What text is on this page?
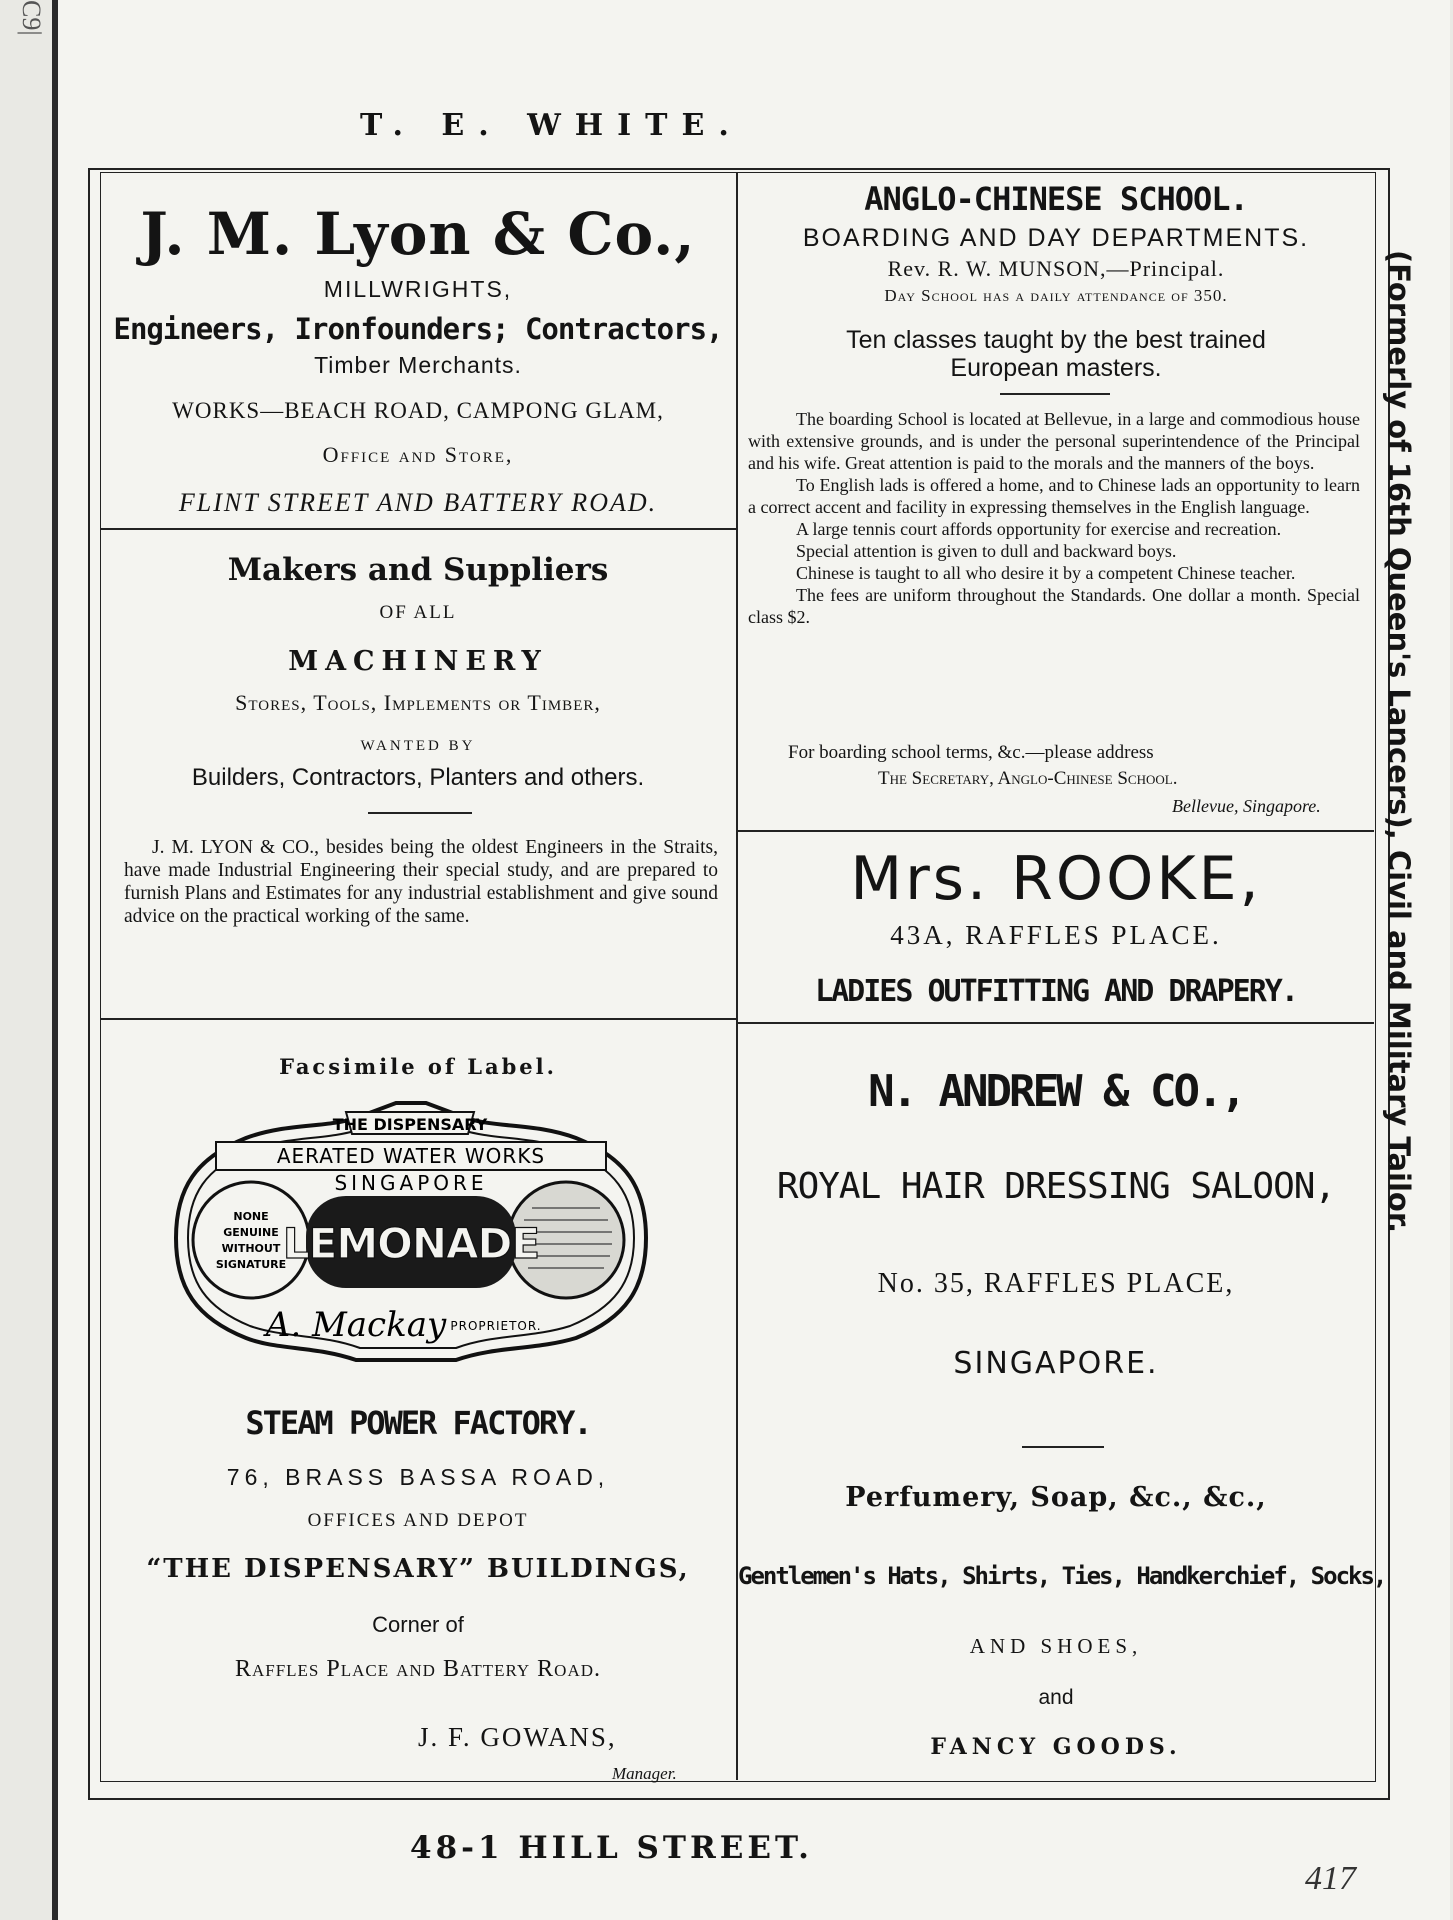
C9|
T. E. WHITE.
J. M. Lyon & Co.,
MILLWRIGHTS,
Engineers, Ironfounders; Contractors,
Timber Merchants.
WORKS—BEACH ROAD, CAMPONG GLAM,
Office and Store,
FLINT STREET AND BATTERY ROAD.
Makers and Suppliers
OF ALL
MACHINERY
Stores, Tools, Implements or Timber,
WANTED BY
Builders, Contractors, Planters and others.

J. M. LYON & CO., besides being the oldest Engineers in the Straits, have made Industrial Engineering their special study, and are prepared to furnish Plans and Estimates for any industrial establishment and give sound advice on the practical working of the same.

ANGLO-CHINESE SCHOOL.
BOARDING AND DAY DEPARTMENTS.
Rev. R. W. MUNSON,—Principal.
Day School has a daily attendance of 350.
Ten classes taught by the best trained
European masters.

The boarding School is located at Bellevue, in a large and commodious house with extensive grounds, and is under the personal superintendence of the Principal and his wife. Great attention is paid to the morals and the manners of the boys.

To English lads is offered a home, and to Chinese lads an opportunity to learn a correct accent and facility in expressing themselves in the English language.

A large tennis court affords opportunity for exercise and recreation.

Special attention is given to dull and backward boys.

Chinese is taught to all who desire it by a competent Chinese teacher.

The fees are uniform throughout the Standards. One dollar a month. Special class $2.

For boarding school terms, &c.—please address
The Secretary, Anglo-Chinese School.
Bellevue, Singapore.
Mrs. ROOKE,
43A, RAFFLES PLACE.
LADIES OUTFITTING AND DRAPERY.
Facsimile of Label.
THE DISPENSARY
AERATED WATER WORKS
SINGAPORE
NONE
GENUINE
WITHOUT
SIGNATURE
LEMONADE
A. Mackay PROPRIETOR.
STEAM POWER FACTORY.
76, BRASS BASSA ROAD,
OFFICES AND DEPOT
“THE DISPENSARY” BUILDINGS,
Corner of
Raffles Place and Battery Road.
J. F. GOWANS,
Manager.
N. ANDREW & CO.,
ROYAL HAIR DRESSING SALOON,
No. 35, RAFFLES PLACE,
SINGAPORE.
Perfumery, Soap, &c., &c.,
Gentlemen's Hats, Shirts, Ties, Handkerchief, Socks,
AND SHOES,
and
FANCY GOODS.
(Formerly of 16th Queen's Lancers), Civil and Military Tailor.
48-1 HILL STREET.
417
